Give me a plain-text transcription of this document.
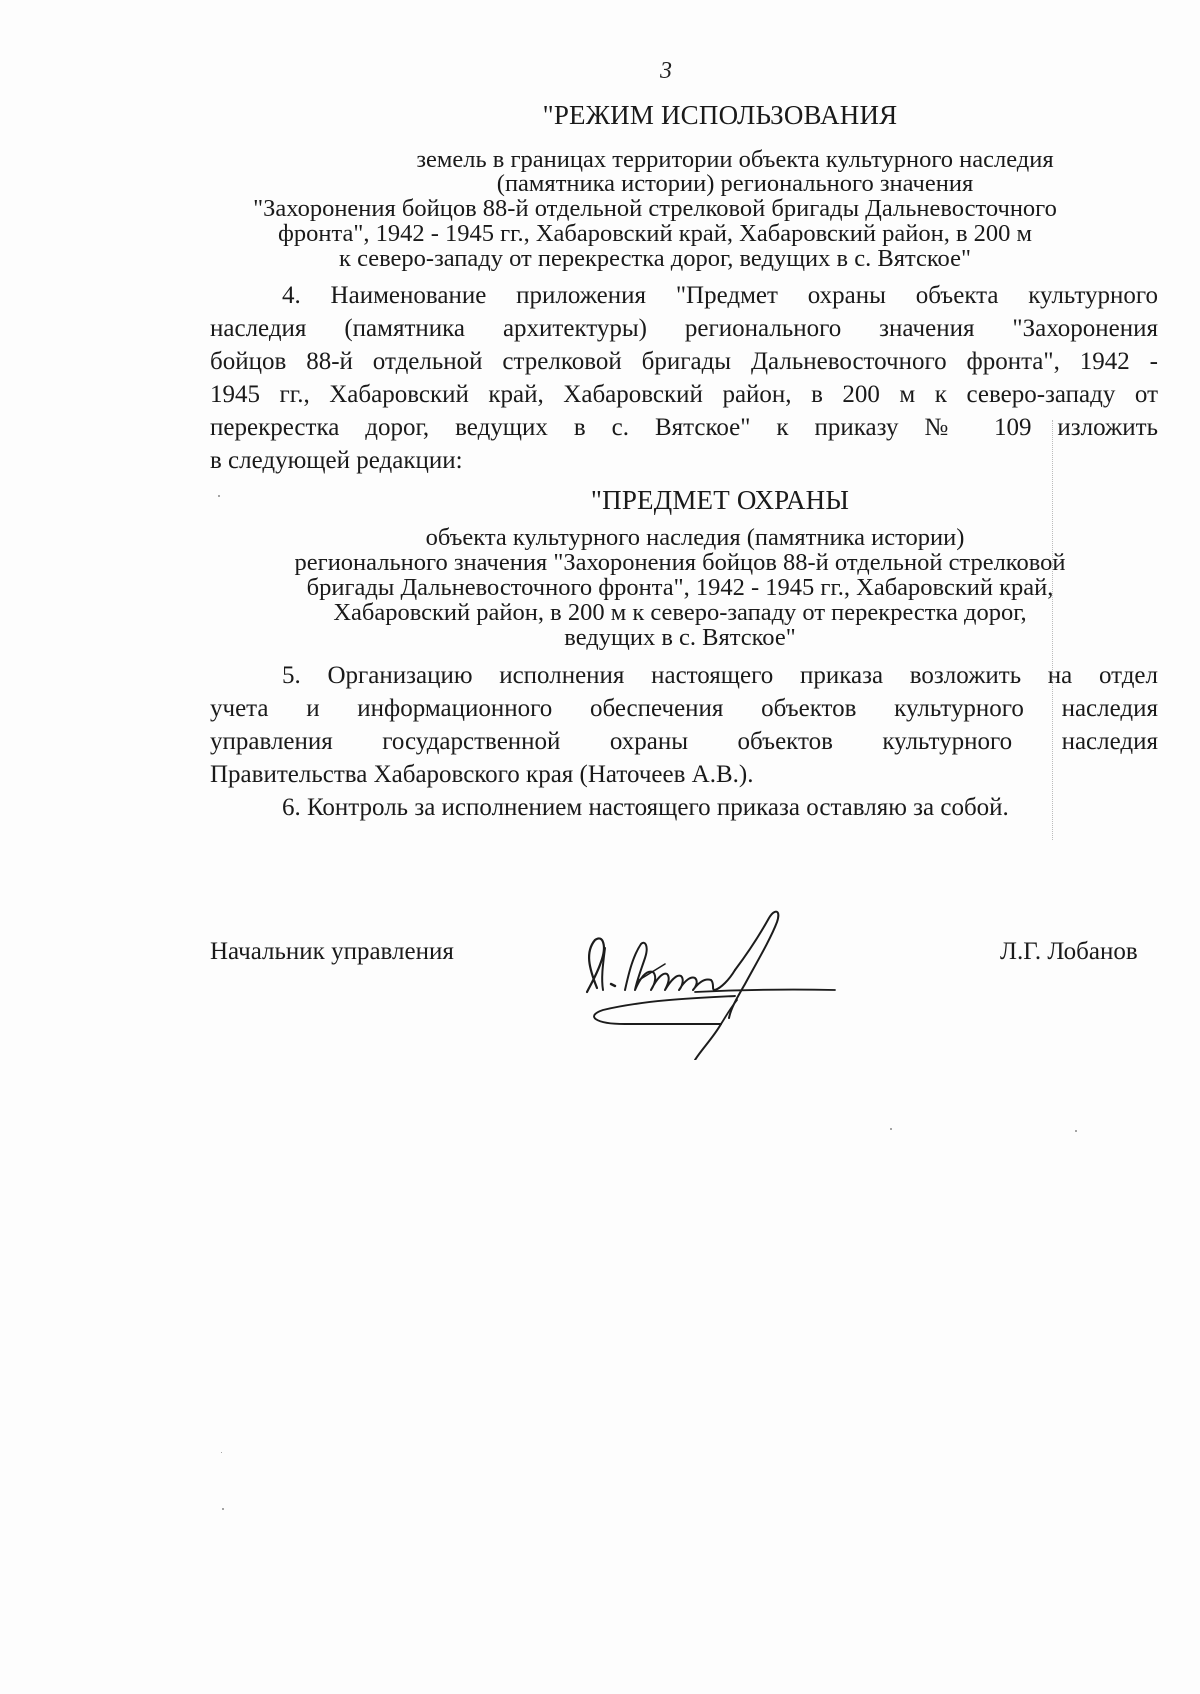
3
"РЕЖИМ ИСПОЛЬЗОВАНИЯ
земель в границах территории объекта культурного наследия
(памятника истории) регионального значения
"Захоронения бойцов 88-й отдельной стрелковой бригады Дальневосточного
фронта", 1942 - 1945 гг., Хабаровский край, Хабаровский район, в 200 м
к северо-западу от перекрестка дорог, ведущих в с. Вятское"
4. Наименование приложения "Предмет охраны объекта культурного
наследия (памятника архитектуры) регионального значения "Захоронения
бойцов 88-й отдельной стрелковой бригады Дальневосточного фронта", 1942 -
1945 гг., Хабаровский край, Хабаровский район, в 200 м к северо-западу от
перекрестка дорог, ведущих в с. Вятское" к приказу № 109 изложить
в следующей редакции:
"ПРЕДМЕТ ОХРАНЫ
объекта культурного наследия (памятника истории)
регионального значения "Захоронения бойцов 88-й отдельной стрелковой
бригады Дальневосточного фронта", 1942 - 1945 гг., Хабаровский край,
Хабаровский район, в 200 м к северо-западу от перекрестка дорог,
ведущих в с. Вятское"
5. Организацию исполнения настоящего приказа возложить на отдел
учета и информационного обеспечения объектов культурного наследия
управления государственной охраны объектов культурного наследия
Правительства Хабаровского края (Наточеев А.В.).
6. Контроль за исполнением настоящего приказа оставляю за собой.
Начальник управления	Л.Г. Лобанов
